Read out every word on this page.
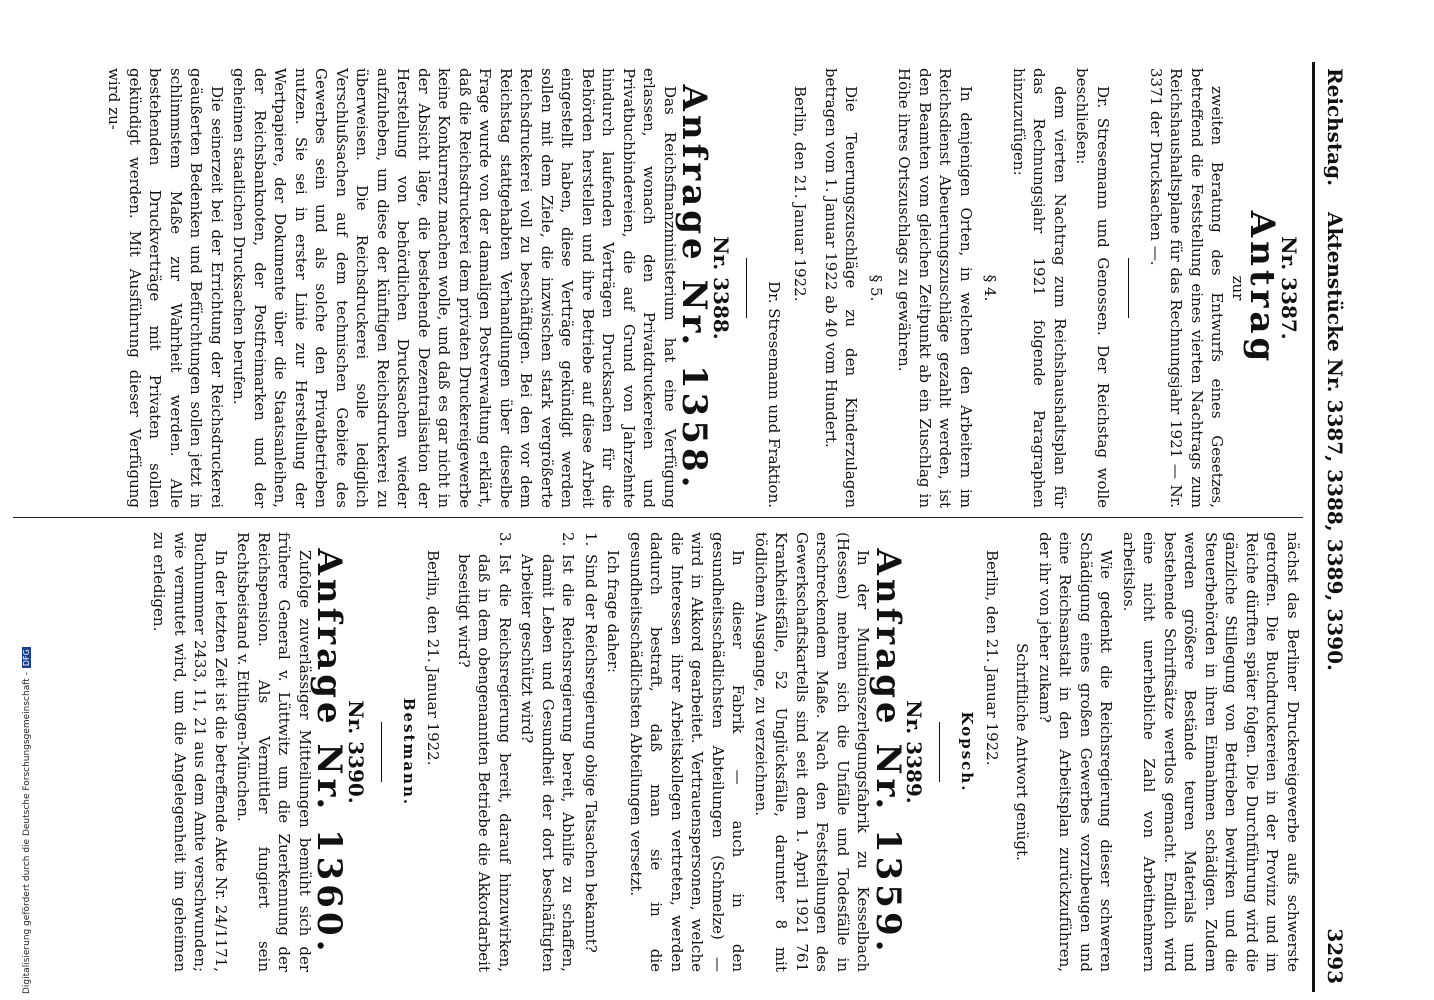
Reichstag.
Aktenstücke Nr. 3387, 3388, 3389, 3390.
3293

Nr. 3387.

Antrag

zur

zweiten Beratung des Entwurfs eines Gesetzes, betreffend die Feststellung eines vierten Nachtrags zum Reichshaushaltsplane für das Rechnungsjahr 1921 — Nr. 3371 der Drucksachen —.

Dr. Stresemann und Genossen. Der Reichstag wolle beschließen:

dem vierten Nachtrag zum Reichshaushaltsplan für das Rechnungsjahr 1921 folgende Paragraphen hinzuzufügen:

§ 4.

In denjenigen Orten, in welchen den Arbeitern im Reichsdienst Abeuerungszuschläge gezahlt werden, ist den Beamten vom gleichen Zeitpunkt ab ein Zuschlag in Höhe ihres Ortszuschlags zu gewähren.

§ 5.

Die Teuerungszuschläge zu den Kinderzulagen betragen vom 1. Januar 1922 ab 40 vom Hundert.

Berlin, den 21. Januar 1922.

Dr. Stresemann und Fraktion.

Nr. 3388.

Anfrage Nr. 1358.

Das Reichsfinanzministerium hat eine Verfügung erlassen, wonach den Privatdruckereien und Privatbuchbindereien, die auf Grund von Jahrzehnte hindurch laufenden Verträgen Drucksachen für die Behörden herstellen und ihre Betriebe auf diese Arbeit eingestellt haben, diese Verträge gekündigt werden sollen mit dem Ziele, die inzwischen stark vergrößerte Reichsdruckerei voll zu beschäftigen. Bei den vor dem Reichstag stattgehabten Verhandlungen über dieselbe Frage wurde von der damaligen Postverwaltung erklärt, daß die Reichsdruckerei dem privaten Druckereigewerbe keine Konkurrenz machen wolle, und daß es gar nicht in der Absicht läge, die bestehende Dezentralisation der Herstellung von behördlichen Drucksachen wieder aufzuheben, um diese der künftigen Reichsdruckerei zu überweisen. Die Reichsdruckerei solle lediglich Verschlußsachen auf dem technischen Gebiete des Gewerbes sein und als solche den Privatbetrieben nutzen. Sie sei in erster Linie zur Herstellung der Wertpapiere, der Dokumente über die Staatsanleihen, der Reichsbanknoten, der Postfreimarken und der geheimen staatlichen Drucksachen berufen.

Die seinerzeit bei der Errichtung der Reichsdruckerei geäußerten Bedenken und Befürchtungen sollen jetzt in schlimmstem Maße zur Wahrheit werden. Alle bestehenden Druckverträge mit Privaten sollen gekündigt werden. Mit Ausführung dieser Verfügung wird zu-

nächst das Berliner Druckereigewerbe aufs schwerste getroffen. Die Buchdruckereien in der Provinz und im Reiche dürften später folgen. Die Durchführung wird die gänzliche Stillegung von Betrieben bewirken und die Steuerbehörden in ihren Einnahmen schädigen. Zudem werden größere Bestände teuren Materials und bestehende Schriftsätze wertlos gemacht. Endlich wird eine nicht unerhebliche Zahl von Arbeitnehmern arbeitslos.

Wie gedenkt die Reichsregierung dieser schweren Schädigung eines großen Gewerbes vorzubeugen und eine Reichsanstalt in den Arbeitsplan zurückzuführen, der ihr von jeher zukam?

Schriftliche Antwort genügt.

Berlin, den 21. Januar 1922.

Kopsch.

Nr. 3389.

Anfrage Nr. 1359.

In der Munitionszerlegungsfabrik zu Kesselbach (Hessen) mehren sich die Unfälle und Todesfälle in erschreckendem Maße. Nach den Feststellungen des Gewerkschaftskartells sind seit dem 1. April 1921 761 Krankheitsfälle, 52 Unglücksfälle, darunter 8 mit tödlichem Ausgange, zu verzeichnen.

In dieser Fabrik — auch in den gesundheitsschädlichsten Abteilungen (Schmelze) — wird in Akkord gearbeitet. Vertrauenspersonen, welche die Interessen ihrer Arbeitskollegen vertreten, werden dadurch bestraft, daß man sie in die gesundheitsschädlichsten Abteilungen versetzt.

Ich frage daher:

1.
Sind der Reichsregierung obige Tatsachen bekannt?

2.
Ist die Reichsregierung bereit, Abhilfe zu schaffen, damit Leben und Gesundheit der dort beschäftigten Arbeiter geschützt wird?

3.
Ist die Reichsregierung bereit, darauf hinzuwirken, daß in dem obengenannten Betriebe die Akkordarbeit beseitigt wird?

Berlin, den 21. Januar 1922.

Bestmann.

Nr. 3390.

Anfrage Nr. 1360.

Zufolge zuverlässiger Mitteilungen bemüht sich der frühere General v. Lüttwitz um die Zuerkennung der Reichspension. Als Vermittler fungiert sein Rechtsbeistand v. Ettlingen-München.

In der letzten Zeit ist die betreffende Akte Nr. 24/1171, Buchnummer 2433, 11, 21 aus dem Amte verschwunden; wie vermutet wird, um die Angelegenheit im geheimen zu erledigen.

Digitalisierung gefördert durch die Deutsche Forschungsgemeinschaft -DFG
